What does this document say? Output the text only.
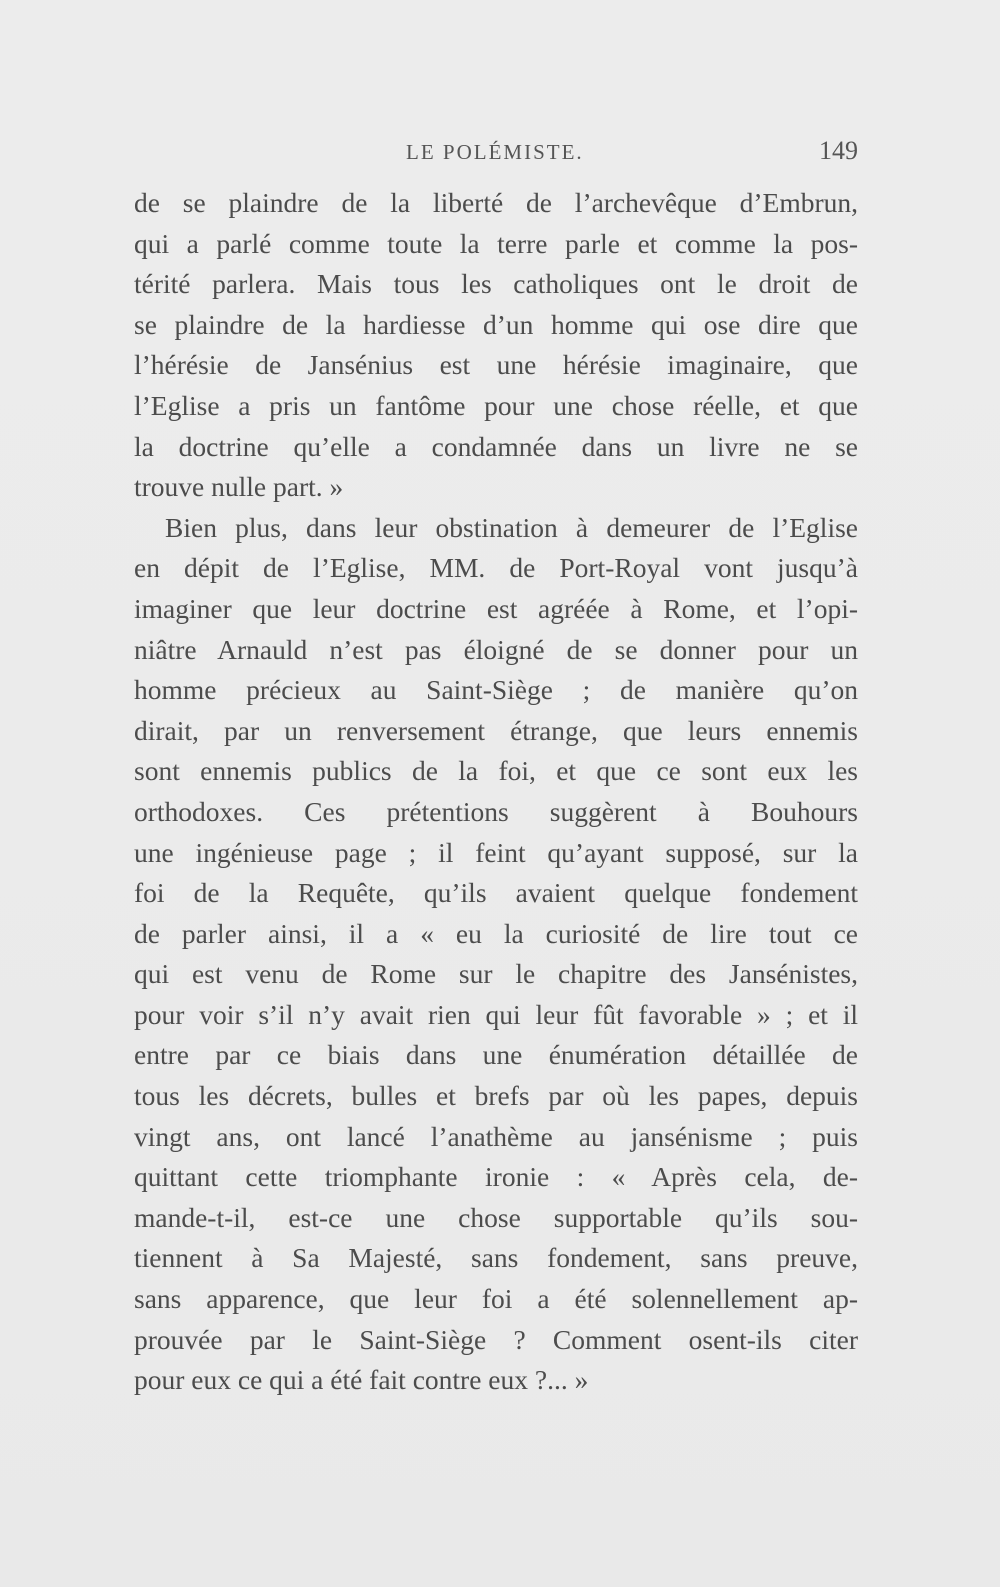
LE POLÉMISTE.	149
de se plaindre de la liberté de l’archevêque d’Embrun,
qui a parlé comme toute la terre parle et comme la pos-
térité parlera. Mais tous les catholiques ont le droit de
se plaindre de la hardiesse d’un homme qui ose dire que
l’hérésie de Jansénius est une hérésie imaginaire, que
l’Eglise a pris un fantôme pour une chose réelle, et que
la doctrine qu’elle a condamnée dans un livre ne se
trouve nulle part. »
Bien plus, dans leur obstination à demeurer de l’Eglise
en dépit de l’Eglise, MM. de Port-Royal vont jusqu’à
imaginer que leur doctrine est agréée à Rome, et l’opi-
niâtre Arnauld n’est pas éloigné de se donner pour un
homme précieux au Saint-Siège ; de manière qu’on
dirait, par un renversement étrange, que leurs ennemis
sont ennemis publics de la foi, et que ce sont eux les
orthodoxes. Ces prétentions suggèrent à Bouhours
une ingénieuse page ; il feint qu’ayant supposé, sur la
foi de la Requête, qu’ils avaient quelque fondement
de parler ainsi, il a « eu la curiosité de lire tout ce
qui est venu de Rome sur le chapitre des Jansénistes,
pour voir s’il n’y avait rien qui leur fût favorable » ; et il
entre par ce biais dans une énumération détaillée de
tous les décrets, bulles et brefs par où les papes, depuis
vingt ans, ont lancé l’anathème au jansénisme ; puis
quittant cette triomphante ironie : « Après cela, de-
mande-t-il, est-ce une chose supportable qu’ils sou-
tiennent à Sa Majesté, sans fondement, sans preuve,
sans apparence, que leur foi a été solennellement ap-
prouvée par le Saint-Siège ? Comment osent-ils citer
pour eux ce qui a été fait contre eux ?... »
